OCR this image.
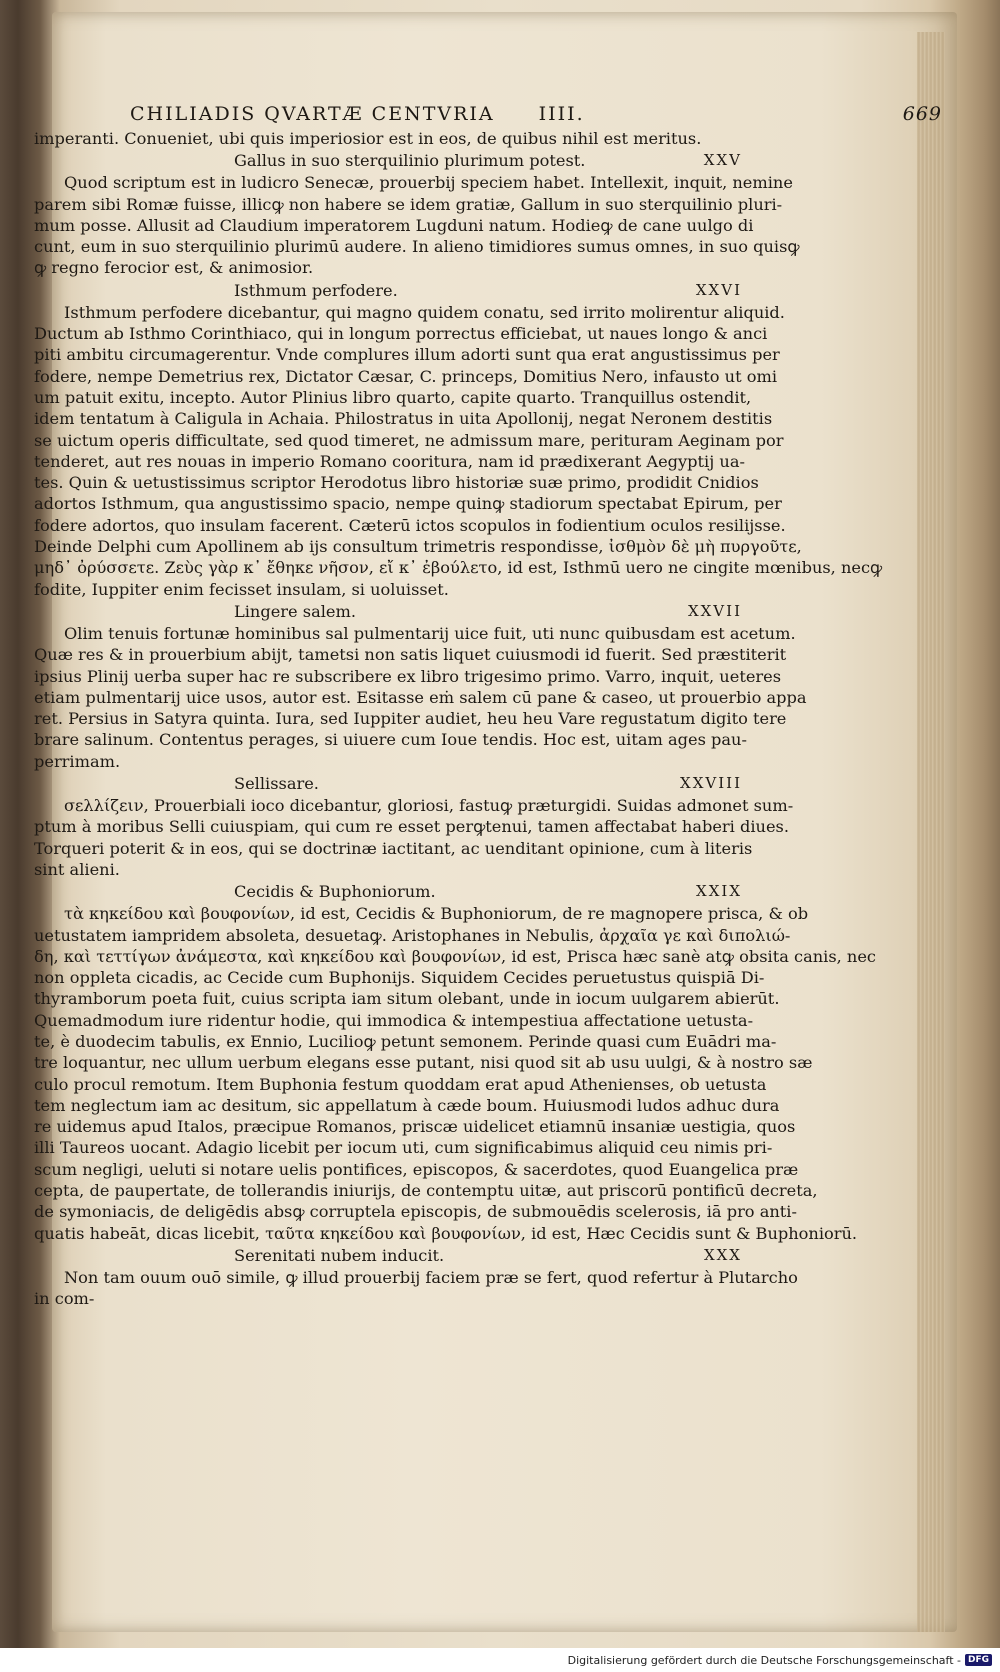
CHILIADIS QVARTÆ CENTVRIA IIII.	669
imperanti. Conueniet, ubi quis imperiosior est in eos, de quibus nihil est meritus.
Gallus in suo sterquilinio plurimum potest.	XXV
Quod scriptum est in ludicro Senecæ, prouerbij speciem habet. Intellexit, inquit, nemine
parem sibi Romæ fuisse, illicꝙ non habere se idem gratiæ, Gallum in suo sterquilinio pluri-
mum posse. Allusit ad Claudium imperatorem Lugduni natum. Hodieꝙ de cane uulgo di
cunt, eum in suo sterquilinio plurimū audere. In alieno timidiores sumus omnes, in suo quisꝙ
ꝙ regno ferocior est, & animosior.
Isthmum perfodere.	XXVI
Isthmum perfodere dicebantur, qui magno quidem conatu, sed irrito molirentur aliquid.
Ductum ab Isthmo Corinthiaco, qui in longum porrectus efficiebat, ut naues longo & anci
piti ambitu circumagerentur. Vnde complures illum adorti sunt qua erat angustissimus per
fodere, nempe Demetrius rex, Dictator Cæsar, C. princeps, Domitius Nero, infausto ut omi
um patuit exitu, incepto. Autor Plinius libro quarto, capite quarto. Tranquillus ostendit,
idem tentatum à Caligula in Achaia. Philostratus in uita Apollonij, negat Neronem destitis
se uictum operis difficultate, sed quod timeret, ne admissum mare, perituram Aeginam por
tenderet, aut res nouas in imperio Romano cooritura, nam id prædixerant Aegyptij ua-
tes. Quin & uetustissimus scriptor Herodotus libro historiæ suæ primo, prodidit Cnidios
adortos Isthmum, qua angustissimo spacio, nempe quinꝙ stadiorum spectabat Epirum, per
fodere adortos, quo insulam facerent. Cæterū ictos scopulos in fodientium oculos resilijsse.
Deinde Delphi cum Apollinem ab ijs consultum trimetris respondisse, ἰσθμὸν δὲ μὴ πυργοῦτε,
μηδ᾽ ὀρύσσετε. Ζεὺς γὰρ κ᾽ ἔθηκε νῆσον, εἴ κ᾽ ἐβούλετο, id est, Isthmū uero ne cingite mœnibus, necꝙ
fodite, Iuppiter enim fecisset insulam, si uoluisset.
Lingere salem.	XXVII
Olim tenuis fortunæ hominibus sal pulmentarij uice fuit, uti nunc quibusdam est acetum.
Quæ res & in prouerbium abijt, tametsi non satis liquet cuiusmodi id fuerit. Sed præstiterit
ipsius Plinij uerba super hac re subscribere ex libro trigesimo primo. Varro, inquit, ueteres
etiam pulmentarij uice usos, autor est. Esitasse eṁ salem cū pane & caseo, ut prouerbio appa
ret. Persius in Satyra quinta. Iura, sed Iuppiter audiet, heu heu Vare regustatum digito tere
brare salinum. Contentus perages, si uiuere cum Ioue tendis. Hoc est, uitam ages pau-
perrimam.
Sellissare.	XXVIII
σελλίζειν, Prouerbiali ioco dicebantur, gloriosi, fastuꝙ præturgidi. Suidas admonet sum-
ptum à moribus Selli cuiuspiam, qui cum re esset perꝙtenui, tamen affectabat haberi diues.
Torqueri poterit & in eos, qui se doctrinæ iactitant, ac uenditant opinione, cum à literis
sint alieni.
Cecidis & Buphoniorum.	XXIX
τὰ κηκείδου καὶ βουφονίων, id est, Cecidis & Buphoniorum, de re magnopere prisca, & ob
uetustatem iampridem absoleta, desuetaꝙ. Aristophanes in Nebulis, ἀρχαῖα γε καὶ διπολιώ-
δη, καὶ τεττίγων ἀνάμεστα, καὶ κηκείδου καὶ βουφονίων, id est, Prisca hæc sanè atꝙ obsita canis, nec
non oppleta cicadis, ac Cecide cum Buphonijs. Siquidem Cecides peruetustus quispiā Di-
thyramborum poeta fuit, cuius scripta iam situm olebant, unde in iocum uulgarem abierūt.
Quemadmodum iure ridentur hodie, qui immodica & intempestiua affectatione uetusta-
te, è duodecim tabulis, ex Ennio, Lucilioꝙ petunt semonem. Perinde quasi cum Euādri ma-
tre loquantur, nec ullum uerbum elegans esse putant, nisi quod sit ab usu uulgi, & à nostro sæ
culo procul remotum. Item Buphonia festum quoddam erat apud Athenienses, ob uetusta
tem neglectum iam ac desitum, sic appellatum à cæde boum. Huiusmodi ludos adhuc dura
re uidemus apud Italos, præcipue Romanos, priscæ uidelicet etiamnū insaniæ uestigia, quos
illi Taureos uocant. Adagio licebit per iocum uti, cum significabimus aliquid ceu nimis pri-
scum negligi, ueluti si notare uelis pontifices, episcopos, & sacerdotes, quod Euangelica præ
cepta, de paupertate, de tollerandis iniurijs, de contemptu uitæ, aut priscorū pontificū decreta,
de symoniacis, de deligēdis absꝙ corruptela episcopis, de submouēdis scelerosis, iā pro anti-
quatis habeāt, dicas licebit, ταῦτα κηκείδου καὶ βουφονίων, id est, Hæc Cecidis sunt & Buphoniorū.
Serenitati nubem inducit.	XXX
Non tam ouum ouō simile, ꝙ illud prouerbij faciem præ se fert, quod refertur à Plutarcho
in com-
Digitalisierung gefördert durch die Deutsche Forschungsgemeinschaft - DFG
